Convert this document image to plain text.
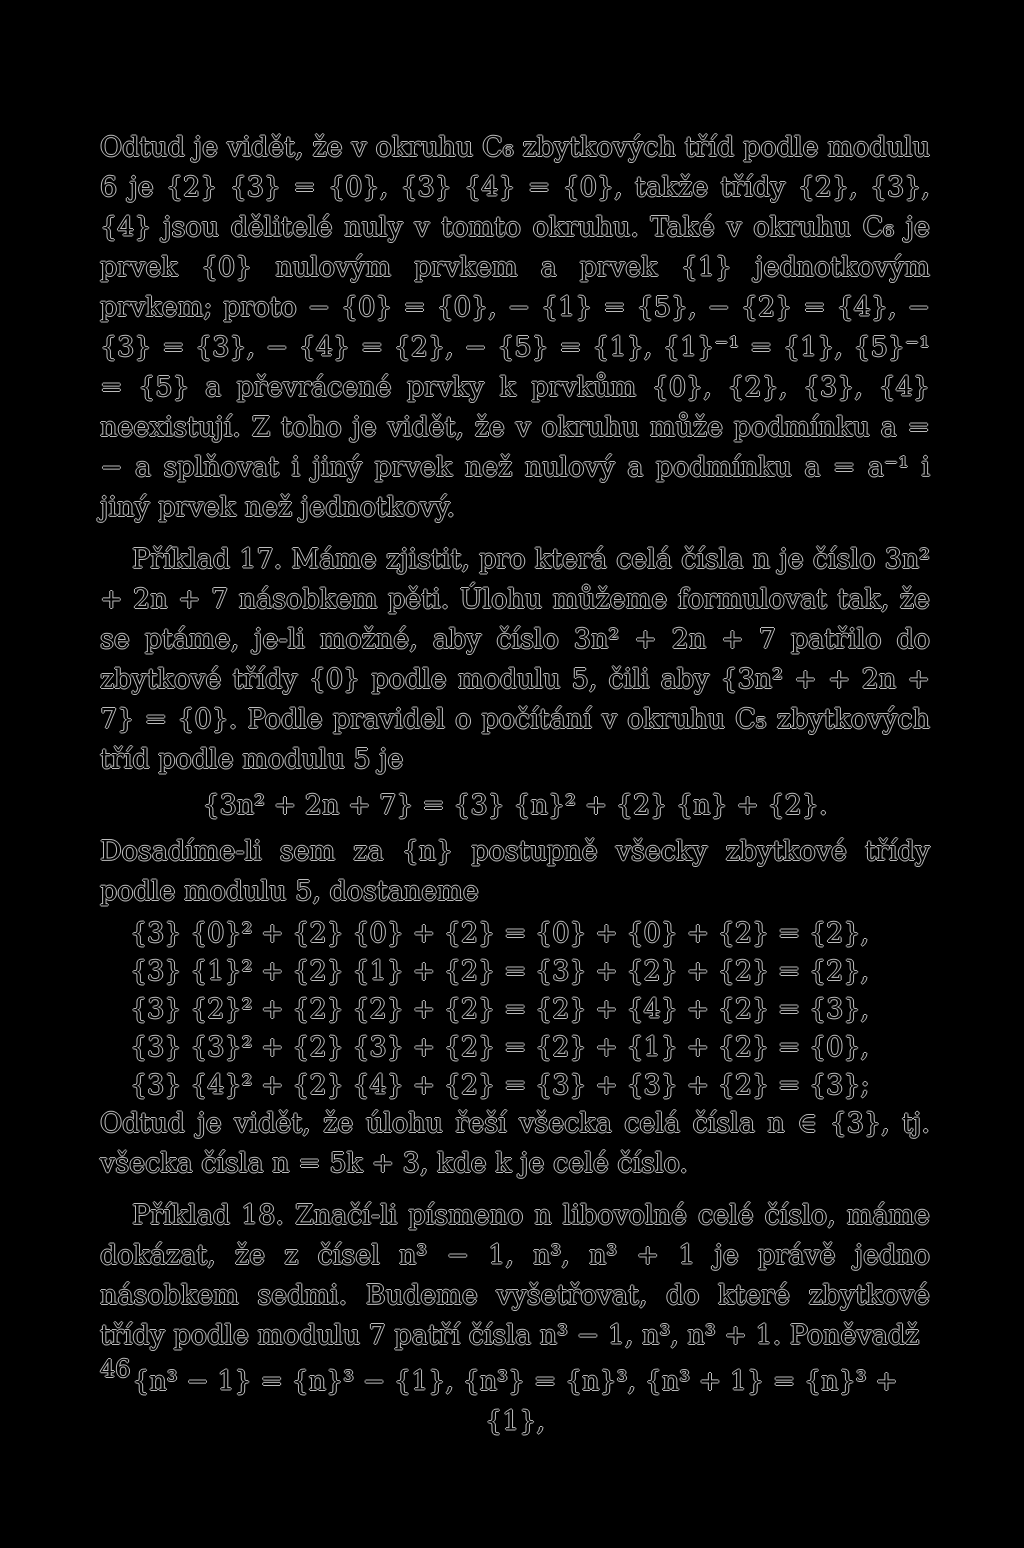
Odtud je vidět, že v okruhu C₆ zbytkových tříd podle modulu 6 je {2} {3} = {0}, {3} {4} = {0}, takže třídy {2}, {3}, {4} jsou dělitelé nuly v tomto okruhu. Také v okruhu C₆ je prvek {0} nulovým prvkem a prvek {1} jednotkovým prvkem; proto − {0} = {0}, − {1} = {5}, − {2} = {4}, − {3} = {3}, − {4} = {2}, − {5} = {1}, {1}⁻¹ = {1}, {5}⁻¹ = {5} a převrácené prvky k prvkům {0}, {2}, {3}, {4} neexistují. Z toho je vidět, že v okruhu může podmínku a = − a splňovat i jiný prvek než nulový a podmínku a = a⁻¹ i jiný prvek než jednotkový.

Příklad 17. Máme zjistit, pro která celá čísla n je číslo 3n² + 2n + 7 násobkem pěti. Úlohu můžeme formulovat tak, že se ptáme, je-li možné, aby číslo 3n² + 2n + 7 patřilo do zbytkové třídy {0} podle modulu 5, čili aby {3n² + + 2n + 7} = {0}. Podle pravidel o počítání v okruhu C₅ zbytkových tříd podle modulu 5 je

{3n² + 2n + 7} = {3} {n}² + {2} {n} + {2}.

Dosadíme-li sem za {n} postupně všecky zbytkové třídy podle modulu 5, dostaneme

{3} {0}² + {2} {0} + {2} = {0} + {0} + {2} = {2},
{3} {1}² + {2} {1} + {2} = {3} + {2} + {2} = {2},
{3} {2}² + {2} {2} + {2} = {2} + {4} + {2} = {3},
{3} {3}² + {2} {3} + {2} = {2} + {1} + {2} = {0},
{3} {4}² + {2} {4} + {2} = {3} + {3} + {2} = {3};

Odtud je vidět, že úlohu řeší všecka celá čísla n ∈ {3}, tj. všecka čísla n = 5k + 3, kde k je celé číslo.

Příklad 18. Značí-li písmeno n libovolné celé číslo, máme dokázat, že z čísel n³ − 1, n³, n³ + 1 je právě jedno násobkem sedmi. Budeme vyšetřovat, do které zbytkové třídy podle modulu 7 patří čísla n³ − 1, n³, n³ + 1. Poněvadž

{n³ − 1} = {n}³ − {1}, {n³} = {n}³, {n³ + 1} = {n}³ + {1},
46
